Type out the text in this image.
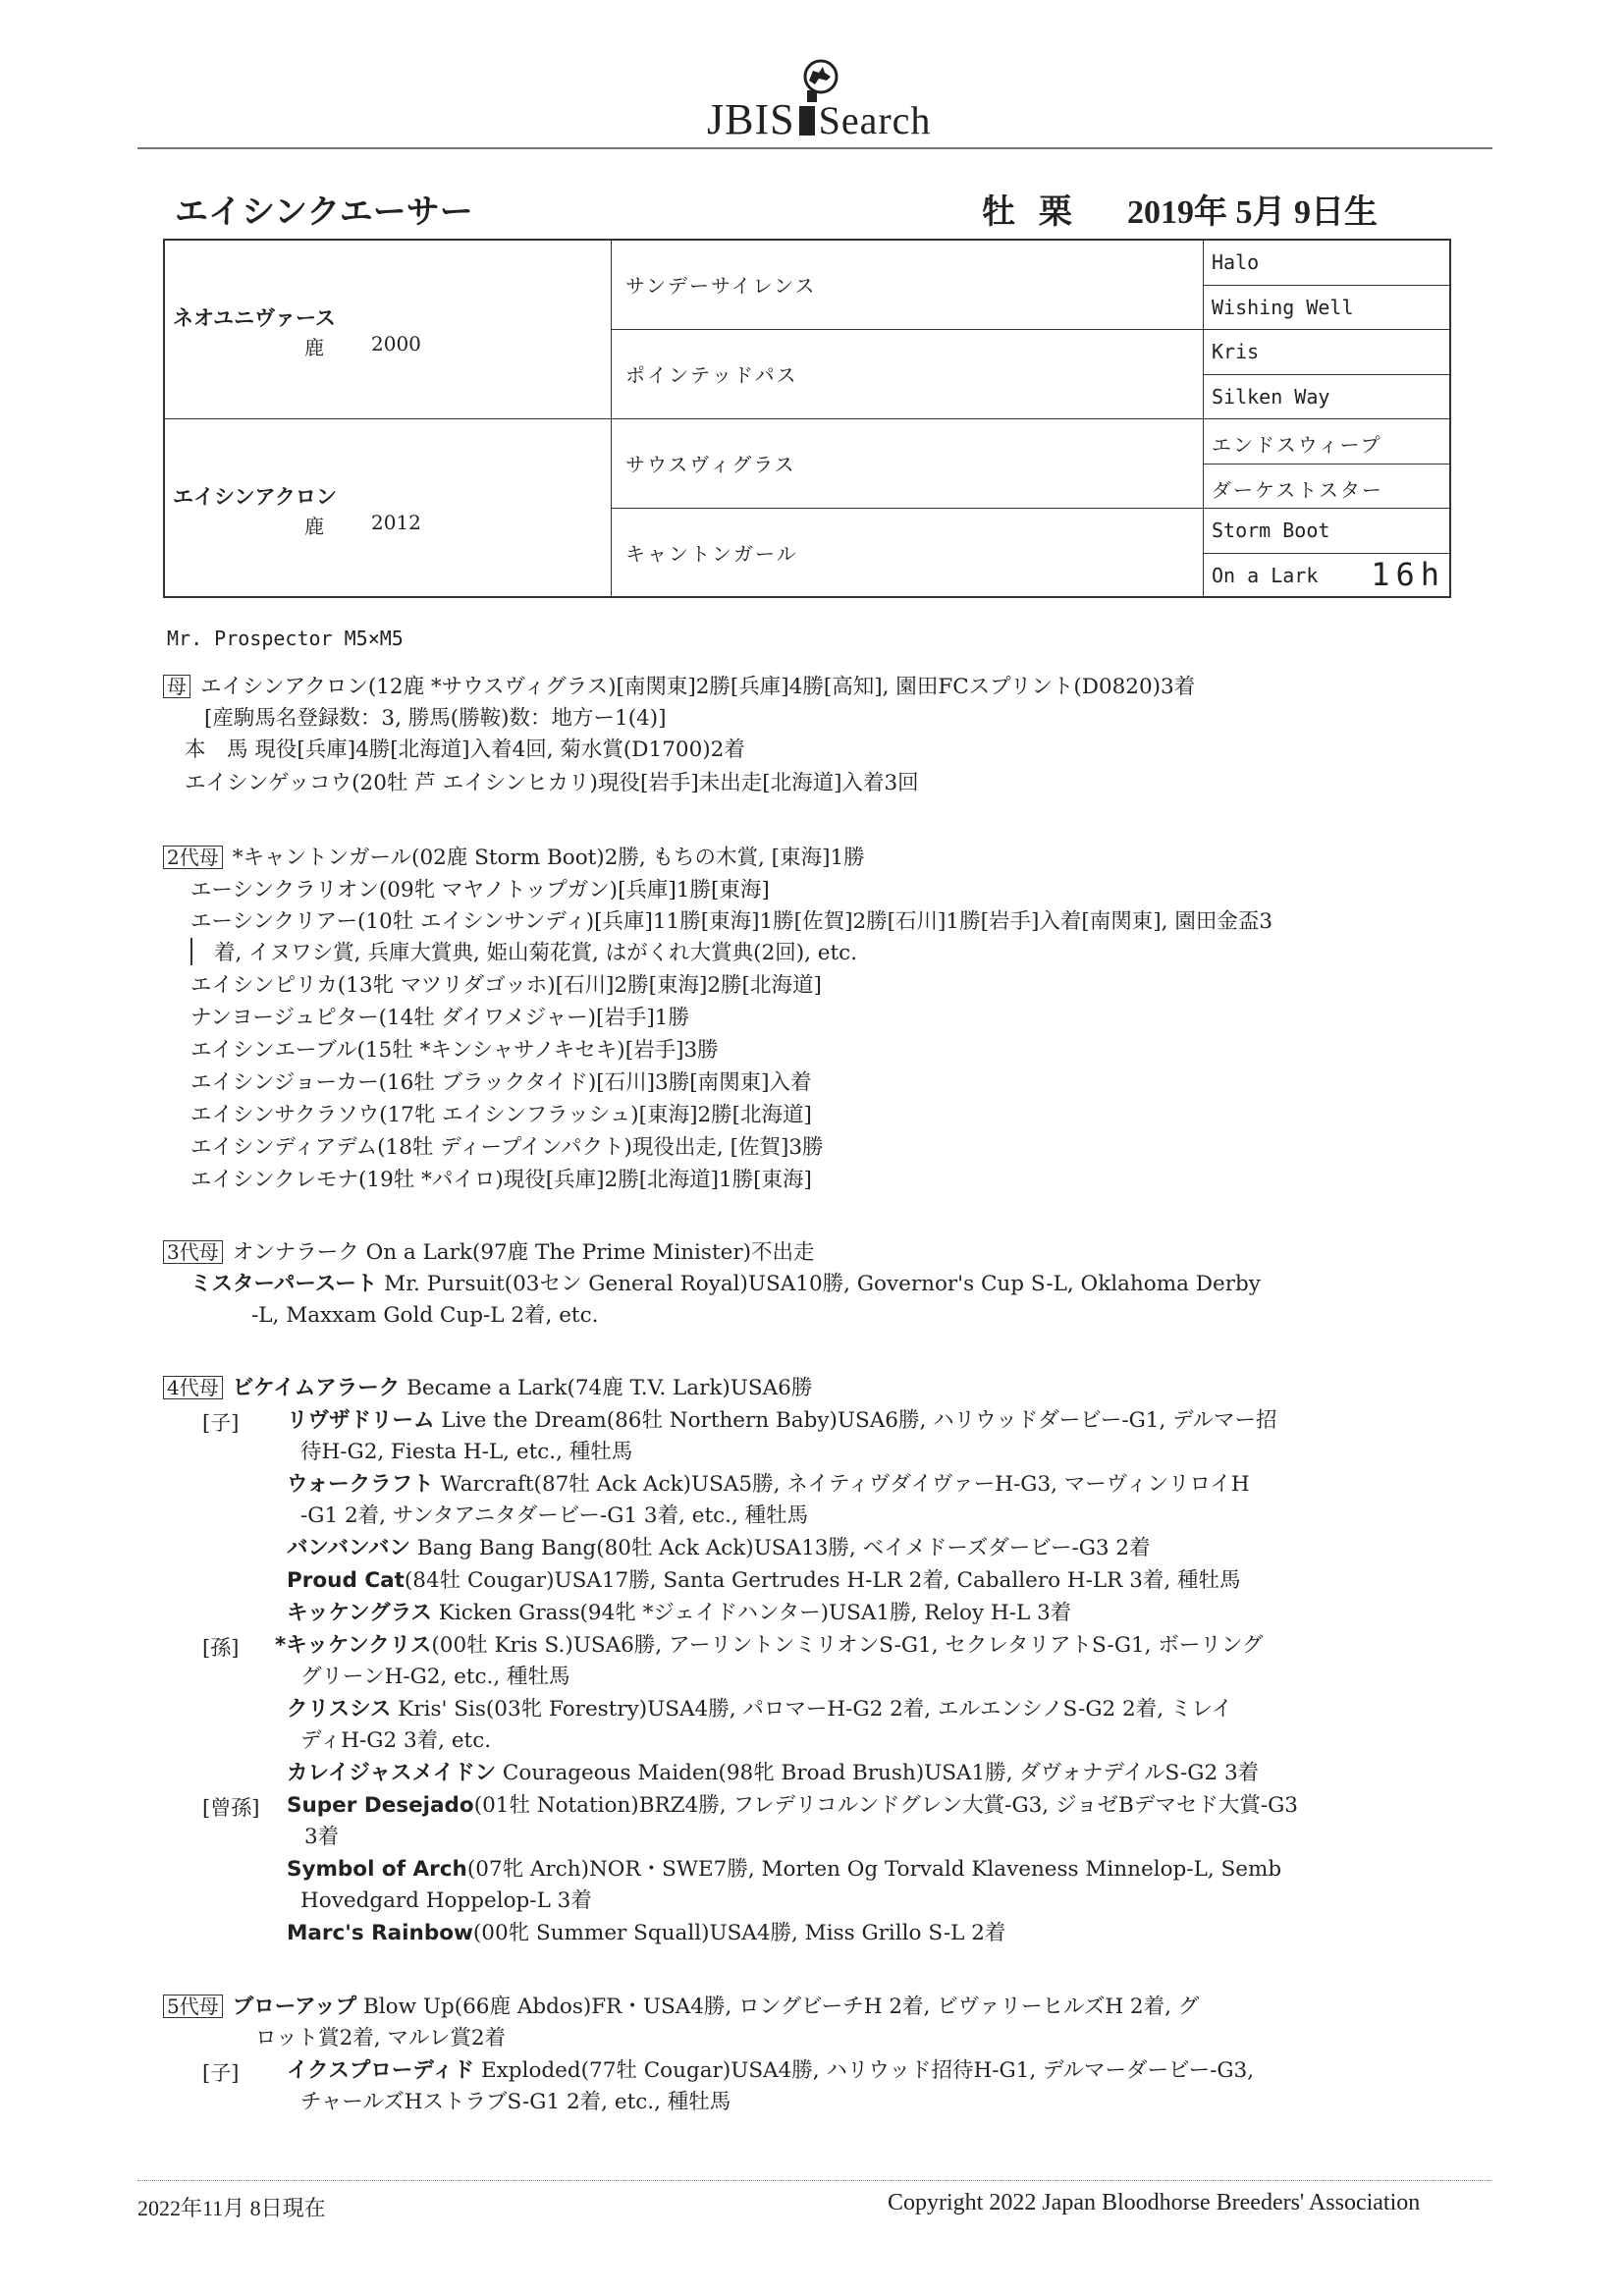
JBIS Search
エイシンクエーサー	牡 栗 2019年 5月 9日生
ネオユニヴァース
鹿 2000
エイシンアクロン
鹿 2012
サンデーサイレンス
ポインテッドパス
サウスヴィグラス
キャントンガール
Halo
Wishing Well
Kris
Silken Way
エンドスウィープ
ダーケストスター
Storm Boot
On a Lark 16h
Mr. Prospector M5×M5
母 エイシンアクロン(12鹿 *サウスヴィグラス)[南関東]2勝[兵庫]4勝[高知], 園田FCスプリント(D0820)3着
[産駒馬名登録数：3, 勝馬(勝鞍)数：地方ー1(4)]
本　馬 現役[兵庫]4勝[北海道]入着4回, 菊水賞(D1700)2着
エイシンゲッコウ(20牡 芦 エイシンヒカリ)現役[岩手]未出走[北海道]入着3回
2代母 *キャントンガール(02鹿 Storm Boot)2勝, もちの木賞, [東海]1勝
エーシンクラリオン(09牝 マヤノトップガン)[兵庫]1勝[東海]
エーシンクリアー(10牡 エイシンサンディ)[兵庫]11勝[東海]1勝[佐賀]2勝[石川]1勝[岩手]入着[南関東], 園田金盃3
着, イヌワシ賞, 兵庫大賞典, 姫山菊花賞, はがくれ大賞典(2回), etc.
エイシンピリカ(13牝 マツリダゴッホ)[石川]2勝[東海]2勝[北海道]
ナンヨージュピター(14牡 ダイワメジャー)[岩手]1勝
エイシンエーブル(15牡 *キンシャサノキセキ)[岩手]3勝
エイシンジョーカー(16牡 ブラックタイド)[石川]3勝[南関東]入着
エイシンサクラソウ(17牝 エイシンフラッシュ)[東海]2勝[北海道]
エイシンディアデム(18牡 ディープインパクト)現役出走, [佐賀]3勝
エイシンクレモナ(19牡 *パイロ)現役[兵庫]2勝[北海道]1勝[東海]
3代母 オンナラーク On a Lark(97鹿 The Prime Minister)不出走
ミスターパースート Mr. Pursuit(03セン General Royal)USA10勝, Governor's Cup S-L, Oklahoma Derby
-L, Maxxam Gold Cup-L 2着, etc.
4代母 ビケイムアラーク Became a Lark(74鹿 T.V. Lark)USA6勝
[子] リヴザドリーム Live the Dream(86牡 Northern Baby)USA6勝, ハリウッドダービー-G1, デルマー招
待H-G2, Fiesta H-L, etc., 種牡馬
ウォークラフト Warcraft(87牡 Ack Ack)USA5勝, ネイティヴダイヴァーH-G3, マーヴィンリロイH
-G1 2着, サンタアニタダービー-G1 3着, etc., 種牡馬
バンバンバン Bang Bang Bang(80牡 Ack Ack)USA13勝, ベイメドーズダービー-G3 2着
Proud Cat(84牡 Cougar)USA17勝, Santa Gertrudes H-LR 2着, Caballero H-LR 3着, 種牡馬
キッケングラス Kicken Grass(94牝 *ジェイドハンター)USA1勝, Reloy H-L 3着
[孫] *キッケンクリス(00牡 Kris S.)USA6勝, アーリントンミリオンS-G1, セクレタリアトS-G1, ボーリング
グリーンH-G2, etc., 種牡馬
クリスシス Kris' Sis(03牝 Forestry)USA4勝, パロマーH-G2 2着, エルエンシノS-G2 2着, ミレイ
ディH-G2 3着, etc.
カレイジャスメイドン Courageous Maiden(98牝 Broad Brush)USA1勝, ダヴォナデイルS-G2 3着
[曾孫] Super Desejado(01牡 Notation)BRZ4勝, フレデリコルンドグレン大賞-G3, ジョゼBデマセド大賞-G3
3着
Symbol of Arch(07牝 Arch)NOR・SWE7勝, Morten Og Torvald Klaveness Minnelop-L, Semb
Hovedgard Hoppelop-L 3着
Marc's Rainbow(00牝 Summer Squall)USA4勝, Miss Grillo S-L 2着
5代母 ブローアップ Blow Up(66鹿 Abdos)FR・USA4勝, ロングビーチH 2着, ビヴァリーヒルズH 2着, グ
ロット賞2着, マルレ賞2着
[子] イクスプローディド Exploded(77牡 Cougar)USA4勝, ハリウッド招待H-G1, デルマーダービー-G3,
チャールズHストラブS-G1 2着, etc., 種牡馬
2022年11月 8日現在	Copyright 2022 Japan Bloodhorse Breeders' Association
